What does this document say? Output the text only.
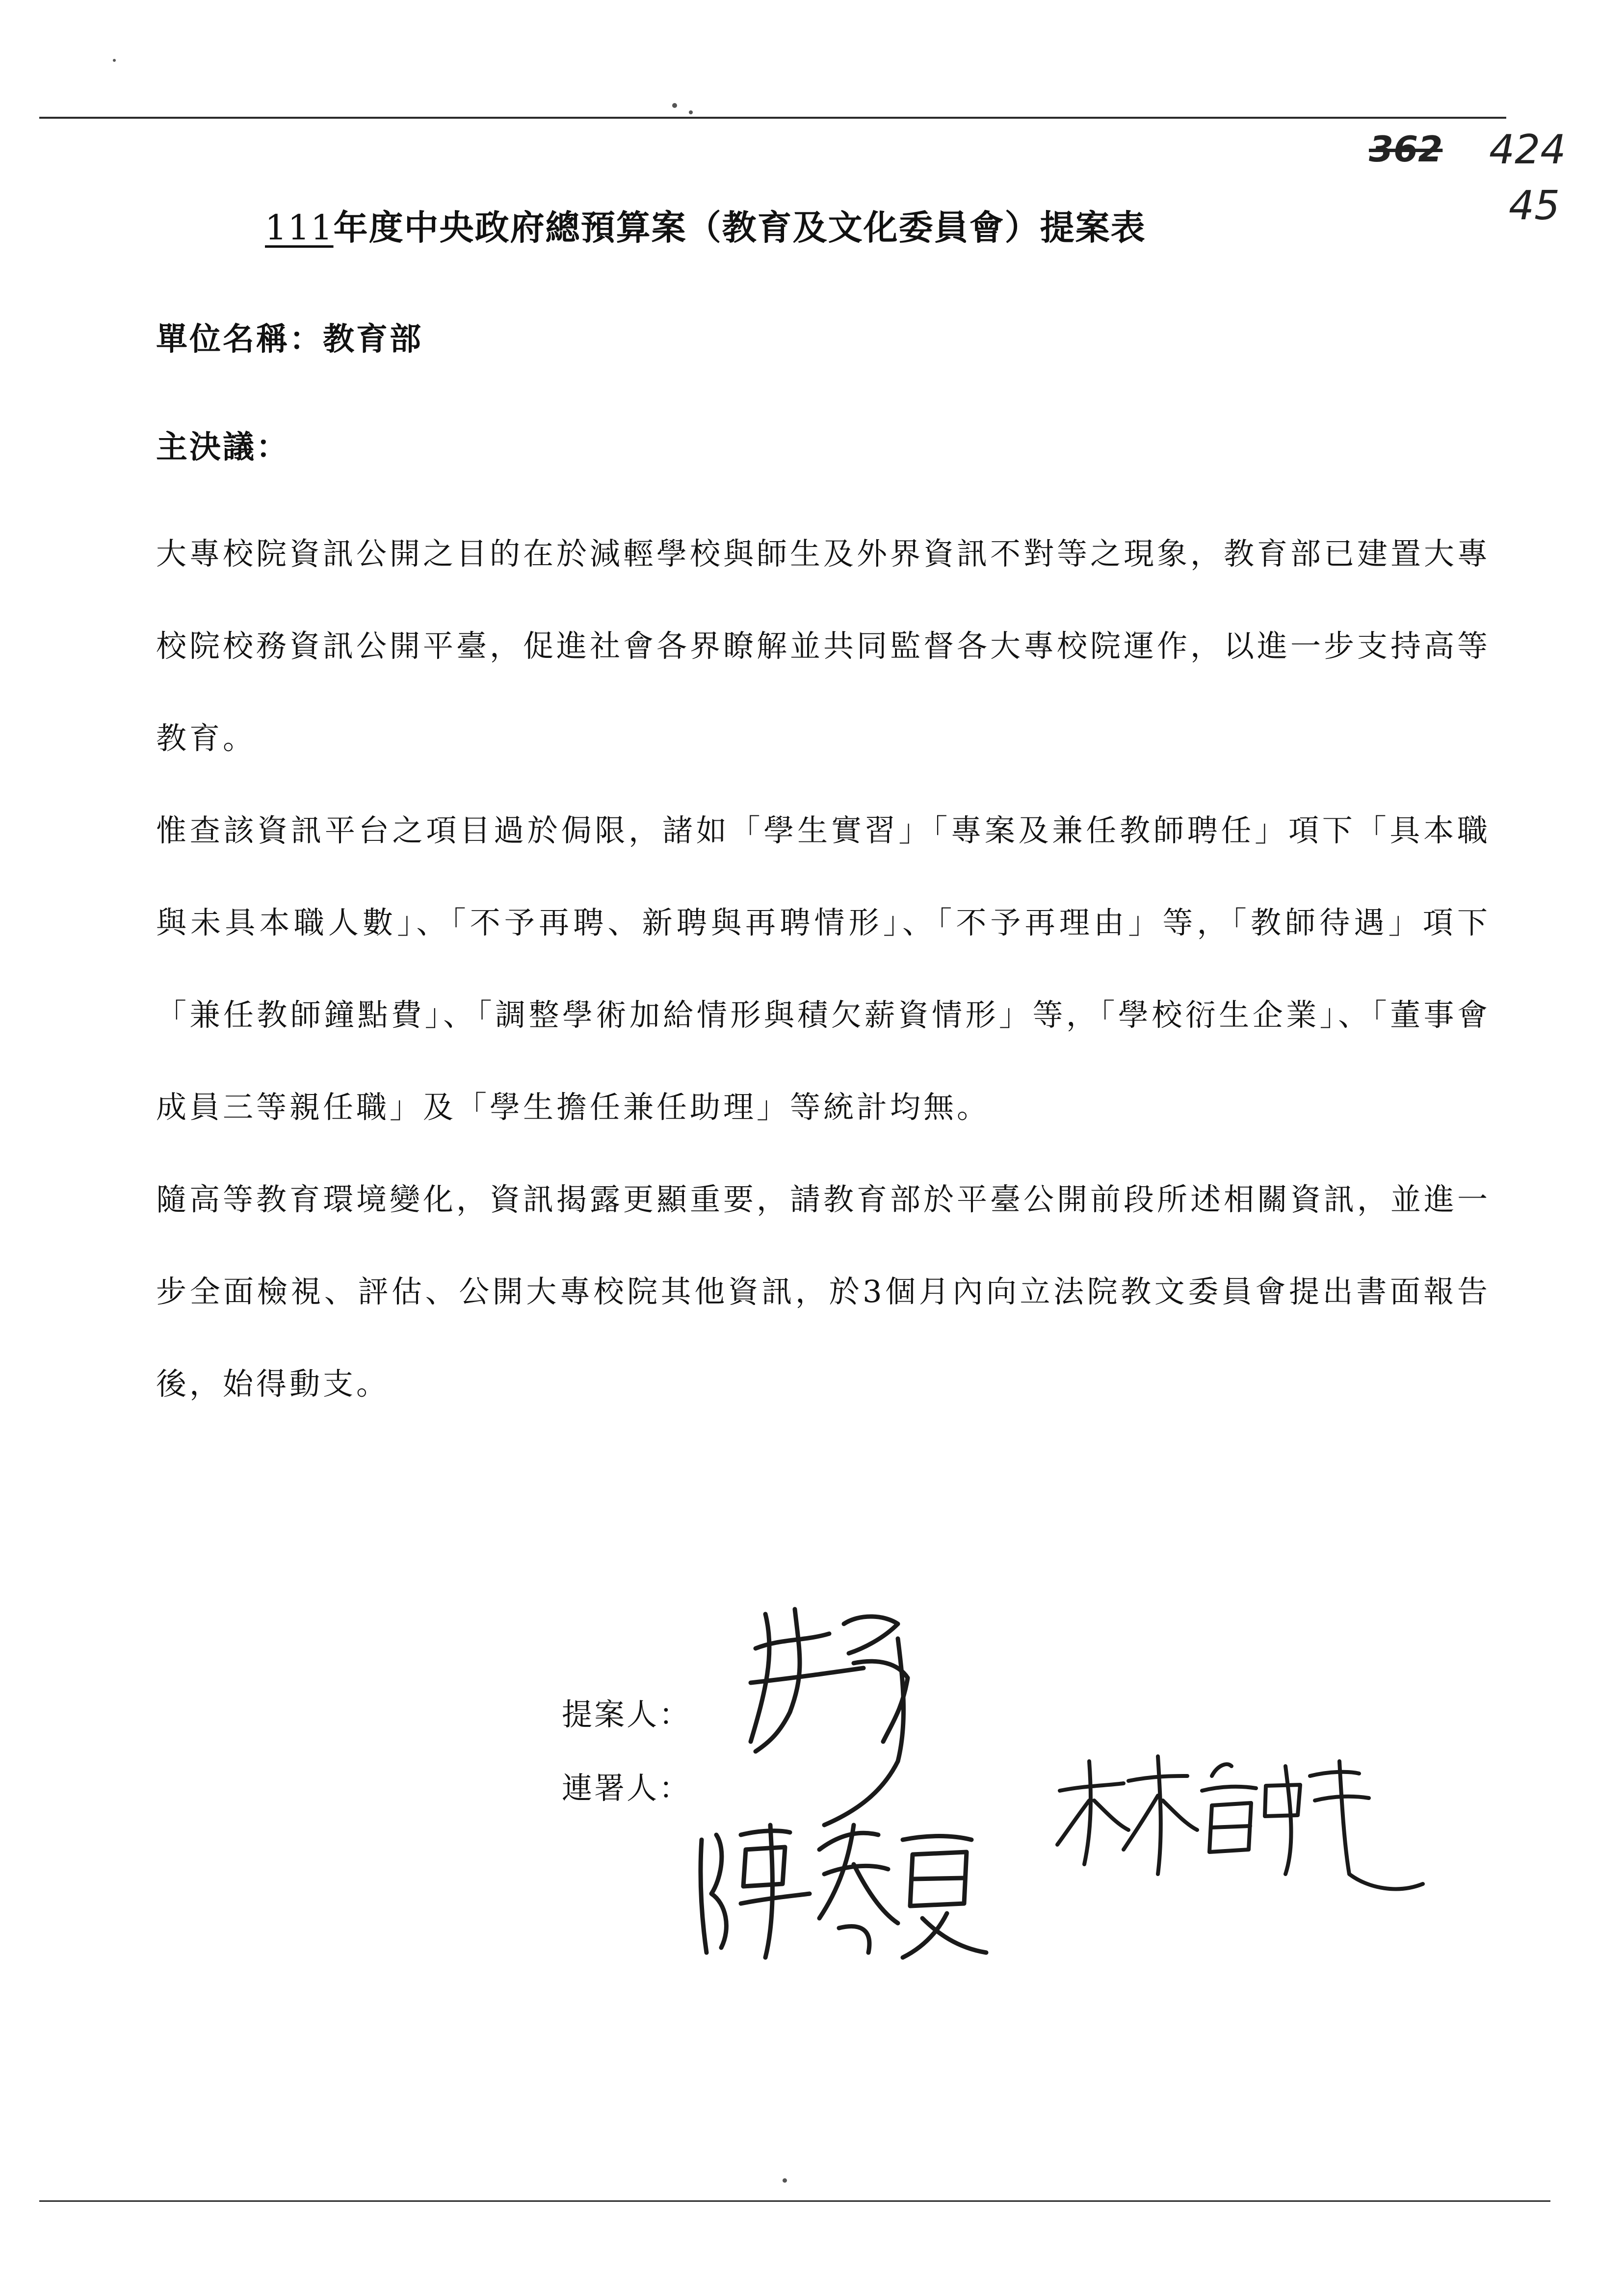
362 424
45
111年度中央政府總預算案（教育及文化委員會）提案表
單位名稱：教育部
主決議：

大專校院資訊公開之目的在於減輕學校與師生及外界資訊不對等之現象，教育部已建置大專校院校務資訊公開平臺，促進社會各界瞭解並共同監督各大專校院運作，以進一步支持高等教育。

惟查該資訊平台之項目過於侷限，諸如「學生實習」「專案及兼任教師聘任」項下「具本職與未具本職人數」、「不予再聘、新聘與再聘情形」、「不予再理由」等，「教師待遇」項下「兼任教師鐘點費」、「調整學術加給情形與積欠薪資情形」等，「學校衍生企業」、「董事會成員三等親任職」及「學生擔任兼任助理」等統計均無。

隨高等教育環境變化，資訊揭露更顯重要，請教育部於平臺公開前段所述相關資訊，並進一步全面檢視、評估、公開大專校院其他資訊，於3個月內向立法院教文委員會提出書面報告後，始得動支。

提案人：
連署人：
范雲
陳秀寳
林宜瑾
